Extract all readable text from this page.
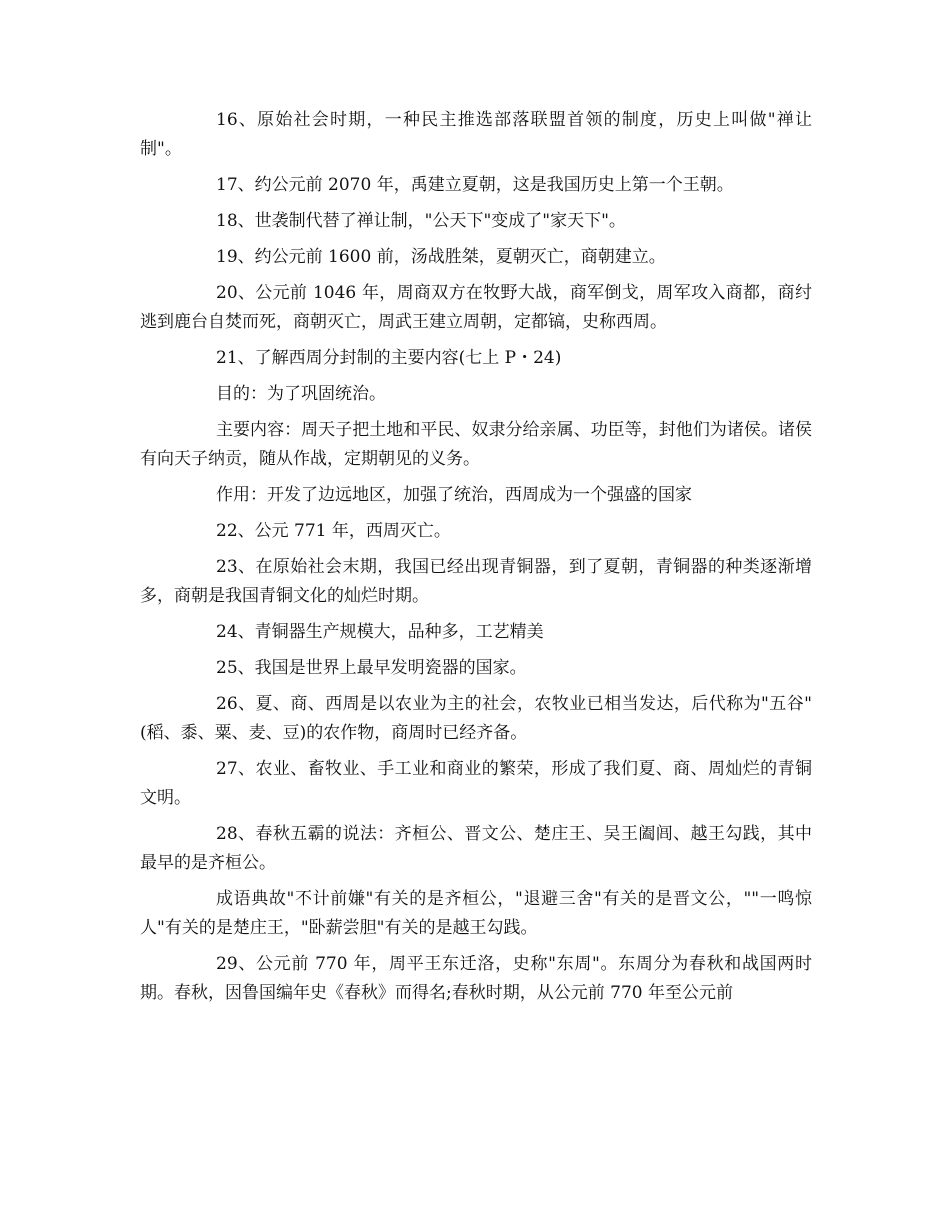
16、原始社会时期，一种民主推选部落联盟首领的制度，历史上叫做"禅让制"。

17、约公元前 2070 年，禹建立夏朝，这是我国历史上第一个王朝。

18、世袭制代替了禅让制，"公天下"变成了"家天下"。

19、约公元前 1600 前，汤战胜桀，夏朝灭亡，商朝建立。

20、公元前 1046 年，周商双方在牧野大战，商军倒戈，周军攻入商都，商纣逃到鹿台自焚而死，商朝灭亡，周武王建立周朝，定都镐，史称西周。

21、了解西周分封制的主要内容(七上 P・24)

目的：为了巩固统治。

主要内容：周天子把土地和平民、奴隶分给亲属、功臣等，封他们为诸侯。诸侯有向天子纳贡，随从作战，定期朝见的义务。

作用：开发了边远地区，加强了统治，西周成为一个强盛的国家

22、公元 771 年，西周灭亡。

23、在原始社会末期，我国已经出现青铜器，到了夏朝，青铜器的种类逐渐增多，商朝是我国青铜文化的灿烂时期。

24、青铜器生产规模大，品种多，工艺精美

25、我国是世界上最早发明瓷器的国家。

26、夏、商、西周是以农业为主的社会，农牧业已相当发达，后代称为"五谷"(稻、黍、粟、麦、豆)的农作物，商周时已经齐备。

27、农业、畜牧业、手工业和商业的繁荣，形成了我们夏、商、周灿烂的青铜文明。

28、春秋五霸的说法：齐桓公、晋文公、楚庄王、吴王阖闾、越王勾践，其中最早的是齐桓公。

成语典故"不计前嫌"有关的是齐桓公，"退避三舍"有关的是晋文公，""一鸣惊人"有关的是楚庄王，"卧薪尝胆"有关的是越王勾践。

29、公元前 770 年，周平王东迁洛，史称"东周"。东周分为春秋和战国两时期。春秋，因鲁国编年史《春秋》而得名;春秋时期，从公元前 770 年至公元前
